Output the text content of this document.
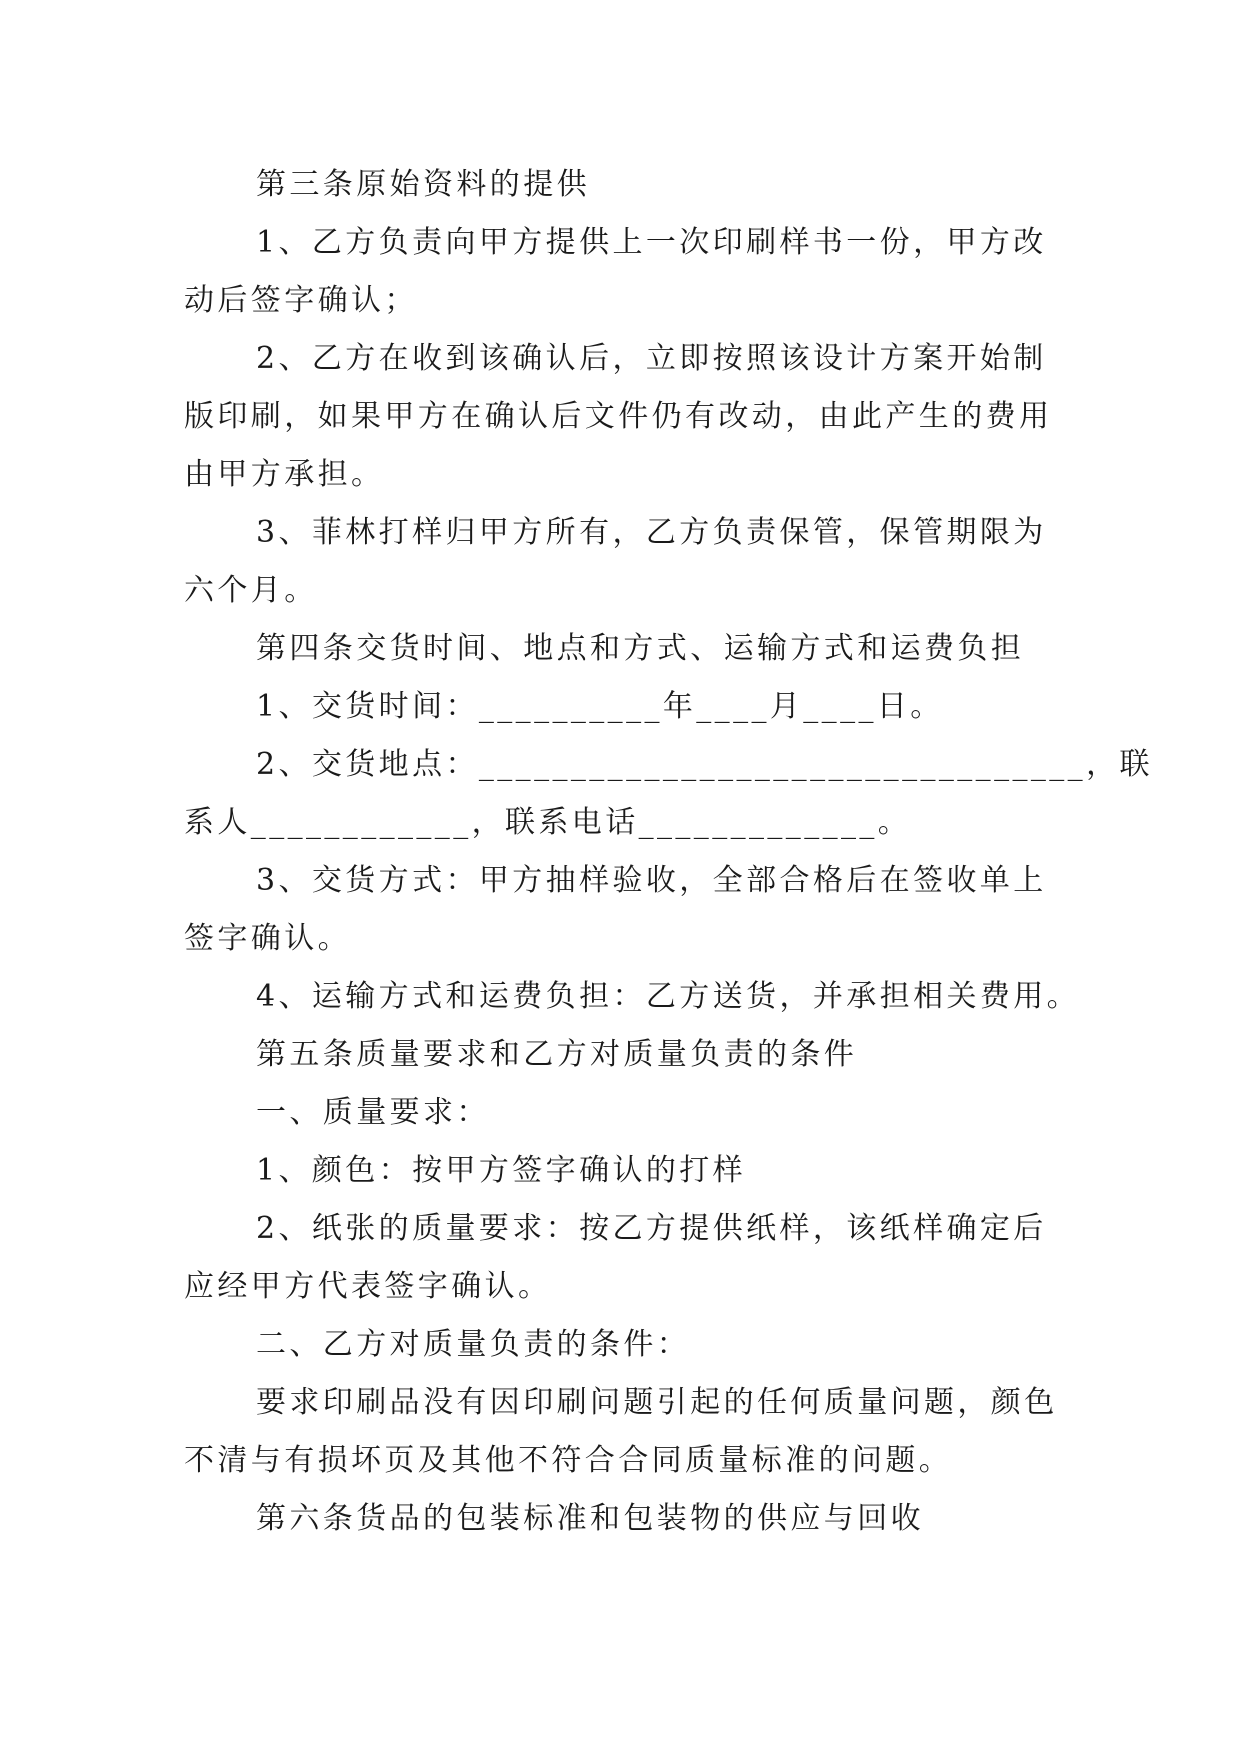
第三条原始资料的提供

1、乙方负责向甲方提供上一次印刷样书一份，甲方改

动后签字确认；

2、乙方在收到该确认后，立即按照该设计方案开始制

版印刷，如果甲方在确认后文件仍有改动，由此产生的费用

由甲方承担。

3、菲林打样归甲方所有，乙方负责保管，保管期限为

六个月。

第四条交货时间、地点和方式、运输方式和运费负担

1、交货时间：__________年____月____日。

2、交货地点：_________________________________，联

系人____________，联系电话_____________。

3、交货方式：甲方抽样验收，全部合格后在签收单上

签字确认。

4、运输方式和运费负担：乙方送货，并承担相关费用。

第五条质量要求和乙方对质量负责的条件

一、质量要求：

1、颜色：按甲方签字确认的打样

2、纸张的质量要求：按乙方提供纸样，该纸样确定后

应经甲方代表签字确认。

二、乙方对质量负责的条件：

要求印刷品没有因印刷问题引起的任何质量问题，颜色

不清与有损坏页及其他不符合合同质量标准的问题。

第六条货品的包装标准和包装物的供应与回收
